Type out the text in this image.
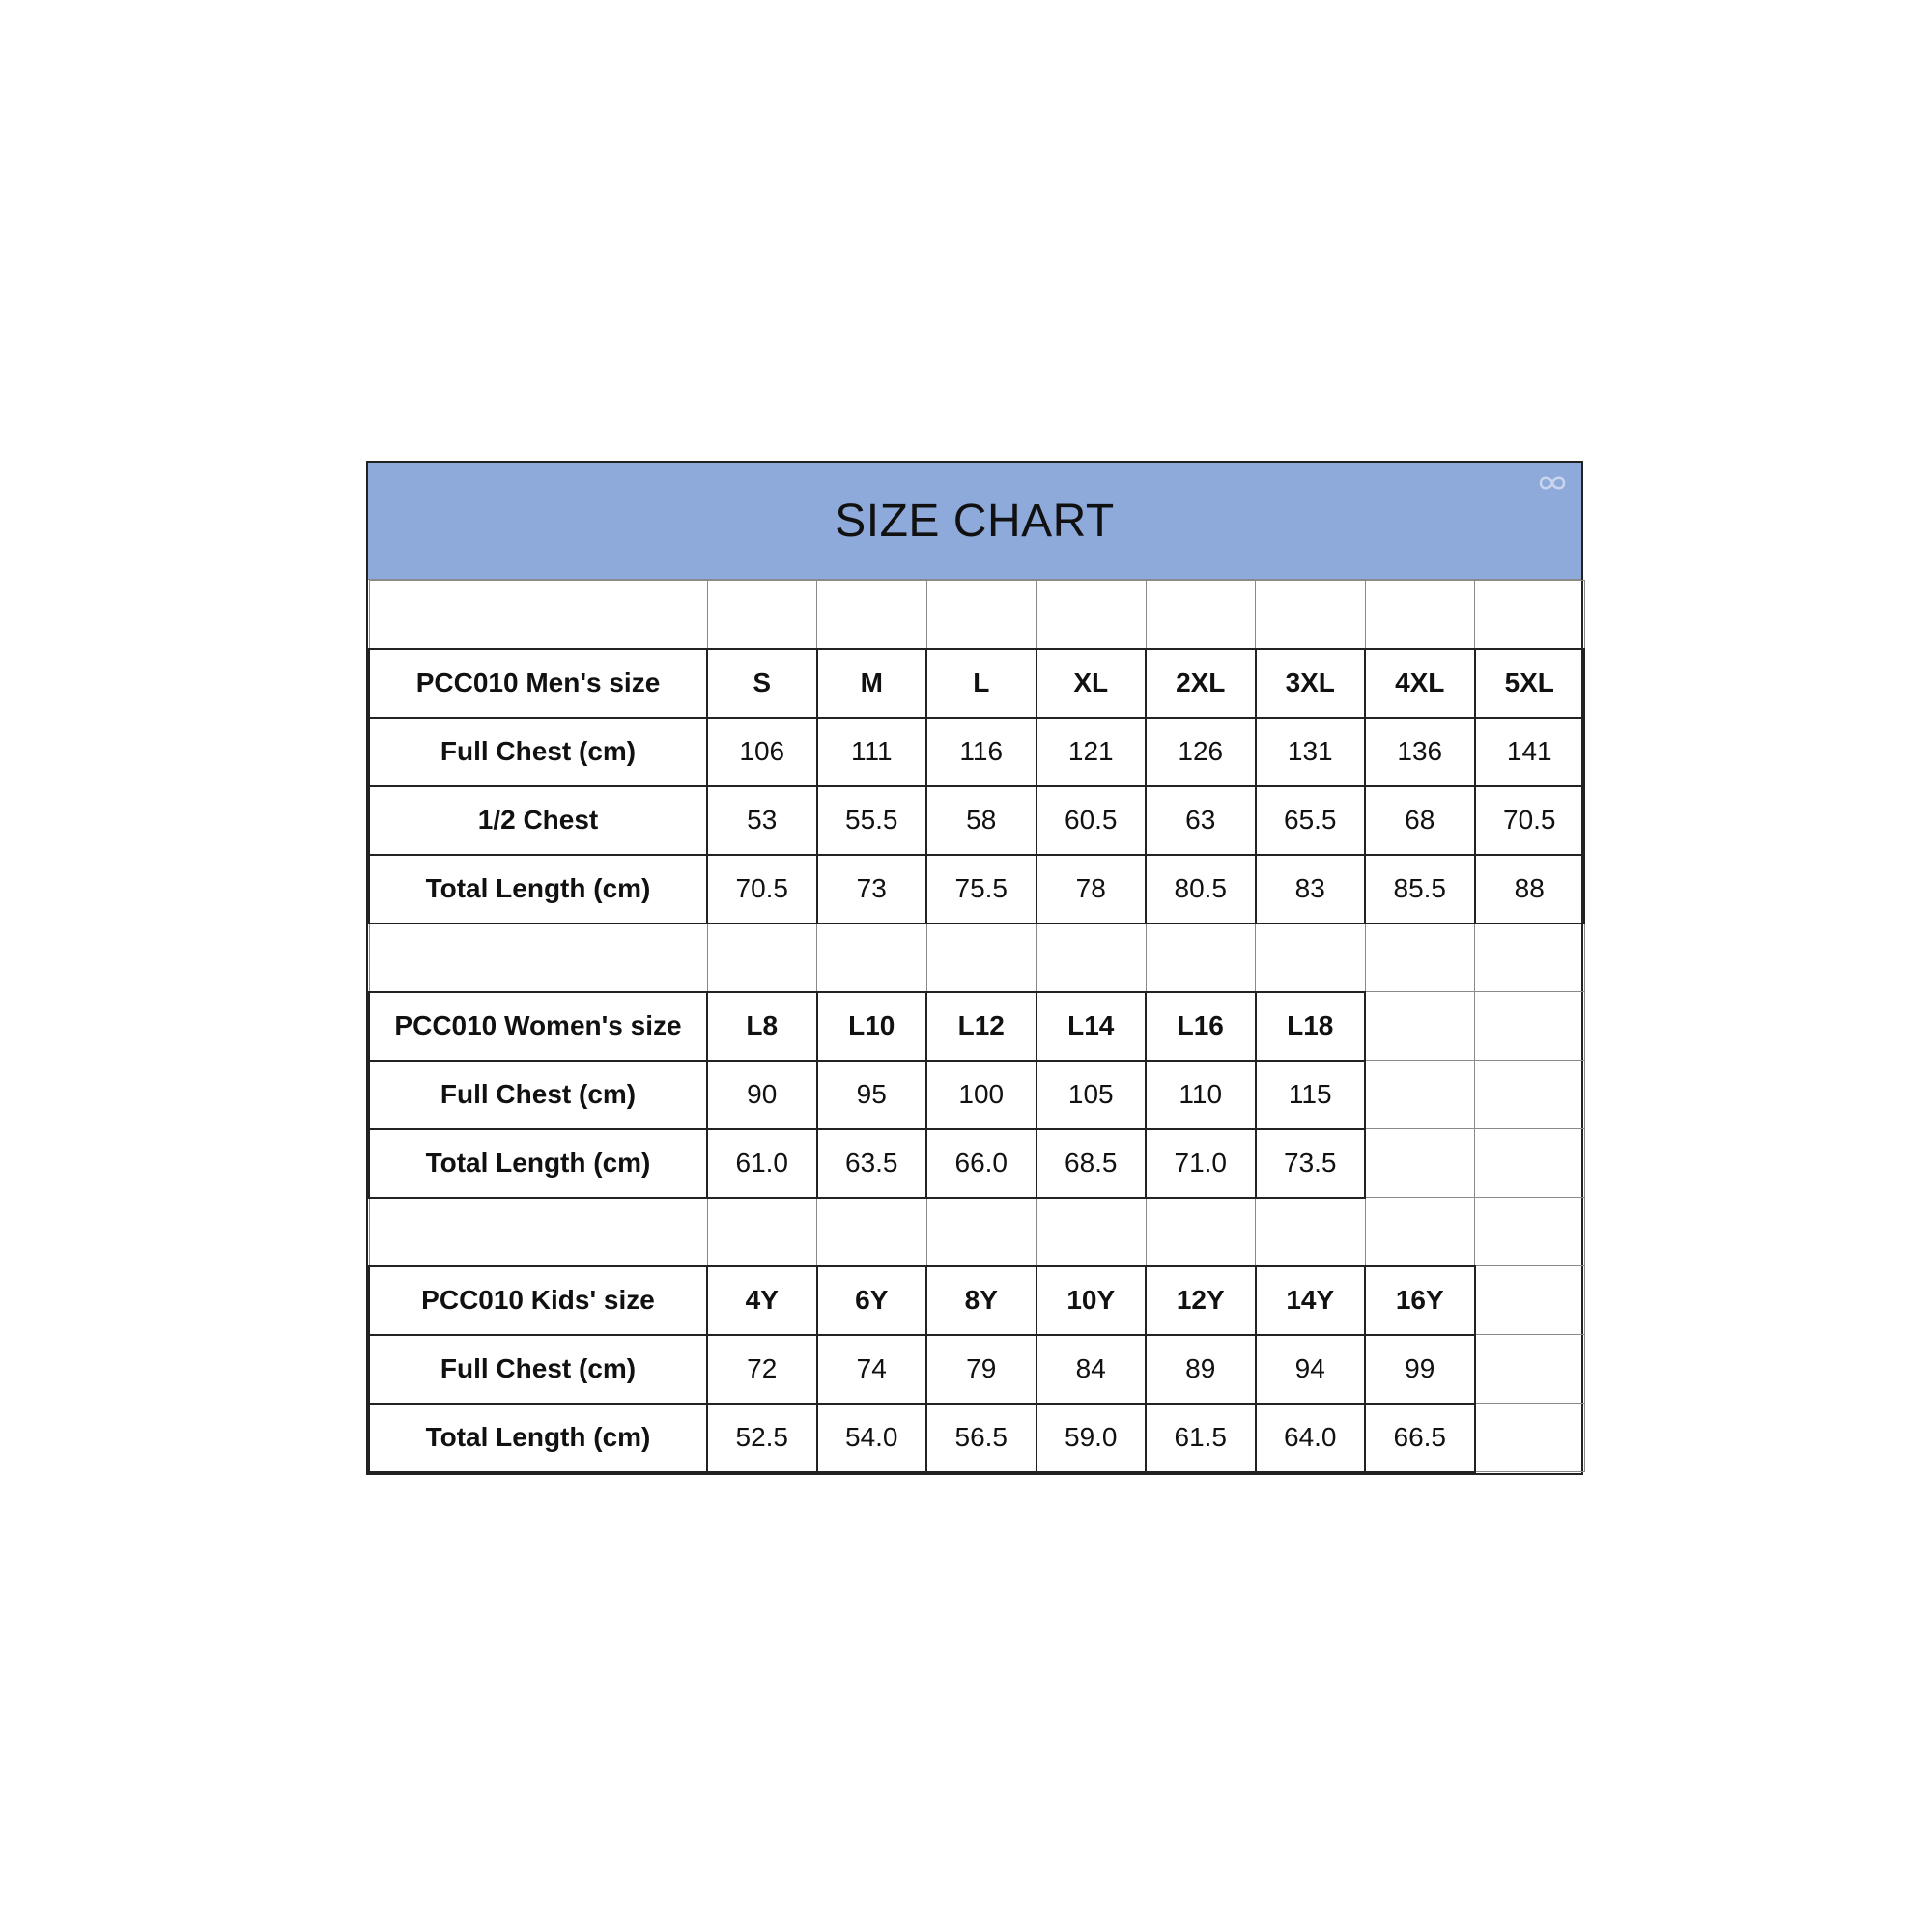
SIZE CHART

PCC010 Men's size	S	M	L	XL	2XL	3XL	4XL	5XL
Full Chest (cm)	106	111	116	121	126	131	136	141
1/2 Chest	53	55.5	58	60.5	63	65.5	68	70.5
Total Length (cm)	70.5	73	75.5	78	80.5	83	85.5	88

PCC010 Women's size	L8	L10	L12	L14	L16	L18		
Full Chest (cm)	90	95	100	105	110	115		
Total Length (cm)	61.0	63.5	66.0	68.5	71.0	73.5		

PCC010 Kids' size	4Y	6Y	8Y	10Y	12Y	14Y	16Y	
Full Chest (cm)	72	74	79	84	89	94	99	
Total Length (cm)	52.5	54.0	56.5	59.0	61.5	64.0	66.5	
